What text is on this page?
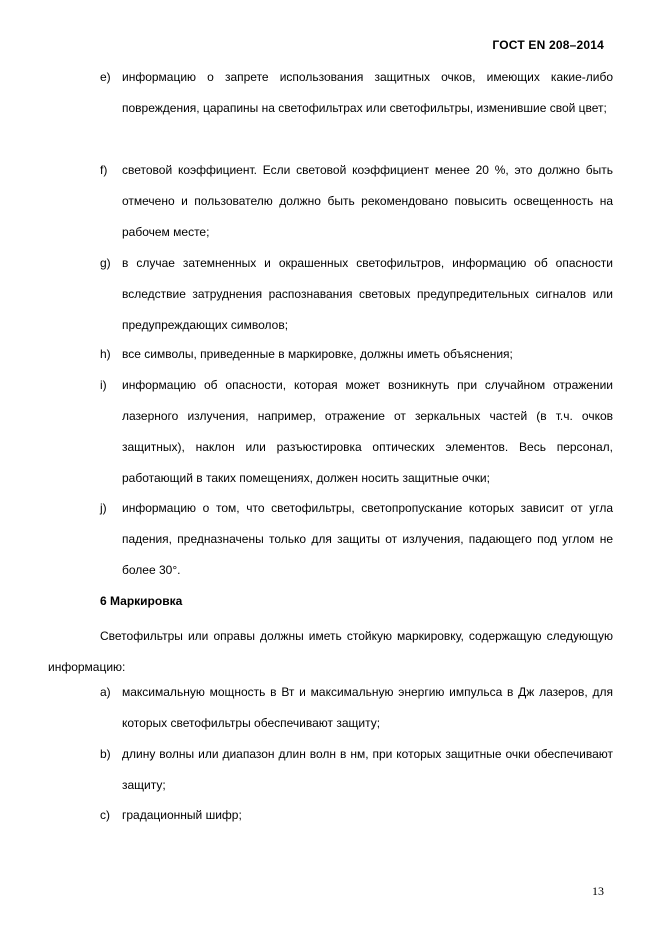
ГОСТ EN 208–2014
e) информацию о запрете использования защитных очков, имеющих какие-либо повреждения, царапины на светофильтрах или светофильтры, изменившие свой цвет;
f)	световой коэффициент. Если световой коэффициент менее 20 %, это должно быть отмечено и пользователю должно быть рекомендовано повысить освещенность на рабочем месте;
g) в случае затемненных и окрашенных светофильтров, информацию об опасности вследствие затруднения распознавания световых предупредительных сигналов или предупреждающих символов;
h) все символы, приведенные в маркировке, должны иметь объяснения;
i)	информацию об опасности, которая может возникнуть при случайном отражении лазерного излучения, например, отражение от зеркальных частей (в т.ч. очков защитных), наклон или разъюстировка оптических элементов. Весь персонал, работающий в таких помещениях, должен носить защитные очки;
j)	информацию о том, что светофильтры, светопропускание которых зависит от угла падения, предназначены только для защиты от излучения, падающего под углом не более 30°.
6 Маркировка
Светофильтры или оправы должны иметь стойкую маркировку, содержащую следующую информацию:
a) максимальную мощность в Вт и максимальную энергию импульса в Дж лазеров, для которых светофильтры обеспечивают защиту;
b) длину волны или диапазон длин волн в нм, при которых защитные очки обеспечивают защиту;
c)	градационный шифр;
13
